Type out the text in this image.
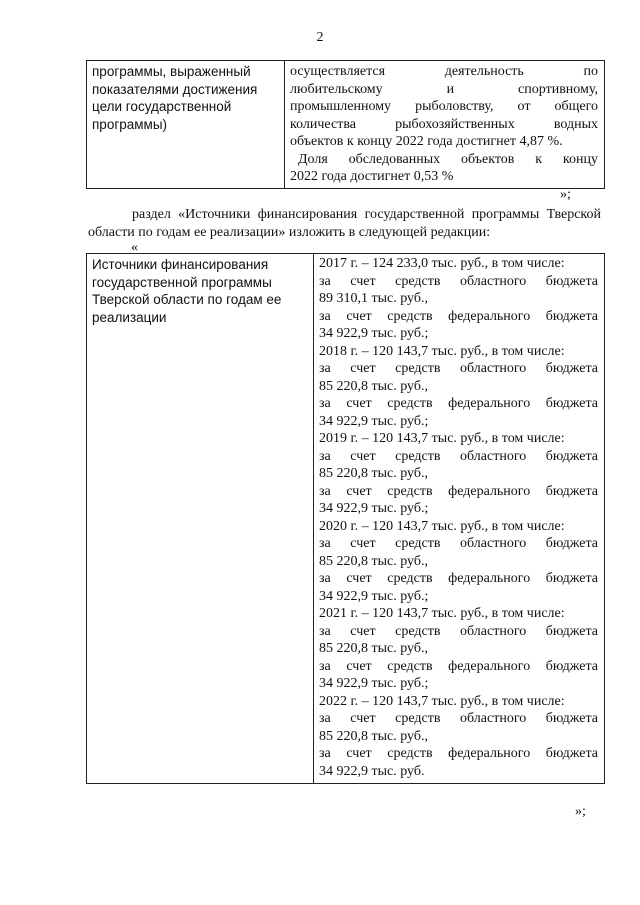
2
программы, выраженный
показателями достижения
цели государственной
программы)

осуществляется деятельность по
любительскому и спортивному,
промышленному рыболовству, от общего
количества рыбохозяйственных водных
объектов к концу 2022 года достигнет 4,87 %.
Доля обследованных объектов к концу
2022 года достигнет 0,53 %
»;
раздел «Источники финансирования государственной программы Тверской области по годам ее реализации» изложить в следующей редакции:
«
Источники финансирования
государственной программы
Тверской области по годам ее
реализации

2017 г. – 124 233,0 тыс. руб., в том числе:
за счет средств областного бюджета
89 310,1 тыс. руб.,
за счет средств федерального бюджета
34 922,9 тыс. руб.;
2018 г. – 120 143,7 тыс. руб., в том числе:
за счет средств областного бюджета
85 220,8 тыс. руб.,
за счет средств федерального бюджета
34 922,9 тыс. руб.;
2019 г. – 120 143,7 тыс. руб., в том числе:
за счет средств областного бюджета
85 220,8 тыс. руб.,
за счет средств федерального бюджета
34 922,9 тыс. руб.;
2020 г. – 120 143,7 тыс. руб., в том числе:
за счет средств областного бюджета
85 220,8 тыс. руб.,
за счет средств федерального бюджета
34 922,9 тыс. руб.;
2021 г. – 120 143,7 тыс. руб., в том числе:
за счет средств областного бюджета
85 220,8 тыс. руб.,
за счет средств федерального бюджета
34 922,9 тыс. руб.;
2022 г. – 120 143,7 тыс. руб., в том числе:
за счет средств областного бюджета
85 220,8 тыс. руб.,
за счет средств федерального бюджета
34 922,9 тыс. руб.
»;
